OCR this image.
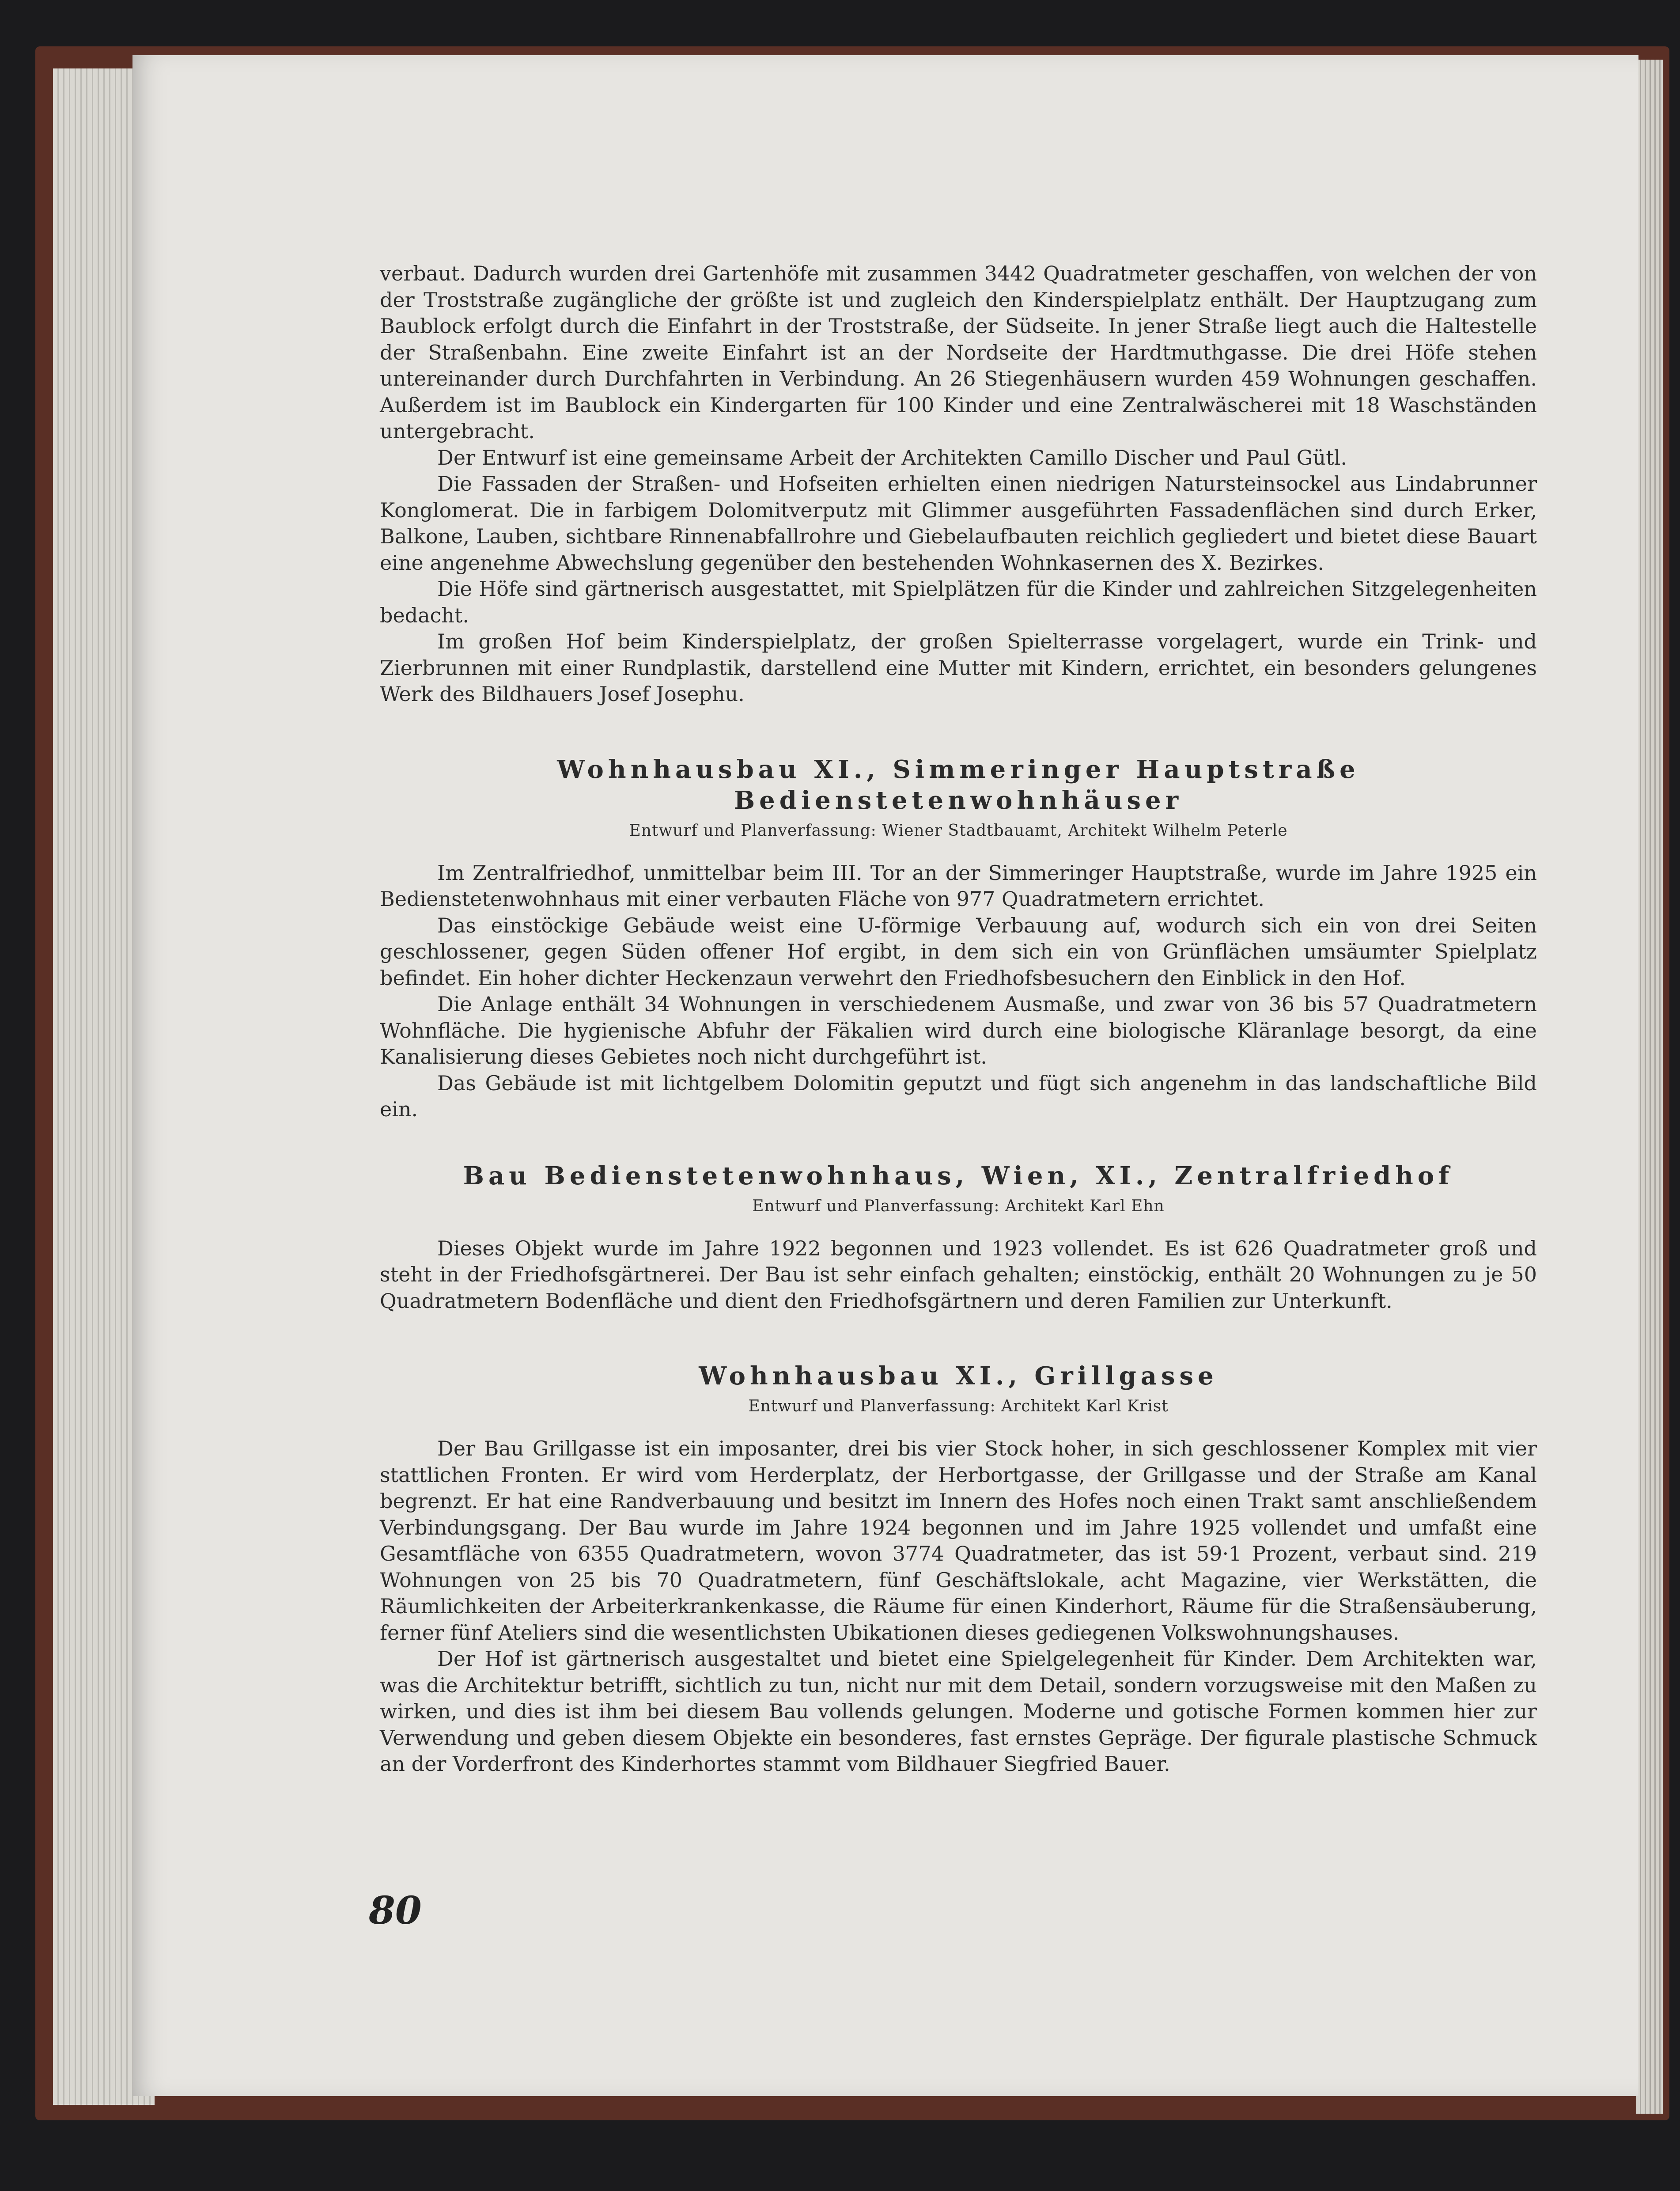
verbaut. Dadurch wurden drei Gartenhöfe mit zusammen 3442 Quadratmeter geschaffen, von welchen der von der Troststraße zugängliche der größte ist und zugleich den Kinderspielplatz enthält. Der Hauptzugang zum Baublock erfolgt durch die Einfahrt in der Troststraße, der Südseite. In jener Straße liegt auch die Haltestelle der Straßenbahn. Eine zweite Einfahrt ist an der Nordseite der Hardtmuthgasse. Die drei Höfe stehen untereinander durch Durchfahrten in Verbindung. An 26 Stiegenhäusern wurden 459 Wohnungen geschaffen. Außerdem ist im Baublock ein Kindergarten für 100 Kinder und eine Zentralwäscherei mit 18 Waschständen untergebracht.

Der Entwurf ist eine gemeinsame Arbeit der Architekten Camillo Discher und Paul Gütl.

Die Fassaden der Straßen- und Hofseiten erhielten einen niedrigen Natursteinsockel aus Lindabrunner Konglomerat. Die in farbigem Dolomitverputz mit Glimmer ausgeführten Fassadenflächen sind durch Erker, Balkone, Lauben, sichtbare Rinnenabfallrohre und Giebelaufbauten reichlich gegliedert und bietet diese Bauart eine angenehme Abwechslung gegenüber den bestehenden Wohnkasernen des X. Bezirkes.

Die Höfe sind gärtnerisch ausgestattet, mit Spielplätzen für die Kinder und zahlreichen Sitzgelegenheiten bedacht.

Im großen Hof beim Kinderspielplatz, der großen Spielterrasse vorgelagert, wurde ein Trink- und Zierbrunnen mit einer Rundplastik, darstellend eine Mutter mit Kindern, errichtet, ein besonders gelungenes Werk des Bildhauers Josef Josephu.

Wohnhausbau XI., Simmeringer Hauptstraße
Bedienstetenwohnhäuser
Entwurf und Planverfassung: Wiener Stadtbauamt, Architekt Wilhelm Peterle

Im Zentralfriedhof, unmittelbar beim III. Tor an der Simmeringer Hauptstraße, wurde im Jahre 1925 ein Bedienstetenwohnhaus mit einer verbauten Fläche von 977 Quadratmetern errichtet.

Das einstöckige Gebäude weist eine U-förmige Verbauung auf, wodurch sich ein von drei Seiten geschlossener, gegen Süden offener Hof ergibt, in dem sich ein von Grünflächen umsäumter Spielplatz befindet. Ein hoher dichter Heckenzaun verwehrt den Friedhofsbesuchern den Einblick in den Hof.

Die Anlage enthält 34 Wohnungen in verschiedenem Ausmaße, und zwar von 36 bis 57 Quadratmetern Wohnfläche. Die hygienische Abfuhr der Fäkalien wird durch eine biologische Kläranlage besorgt, da eine Kanalisierung dieses Gebietes noch nicht durchgeführt ist.

Das Gebäude ist mit lichtgelbem Dolomitin geputzt und fügt sich angenehm in das landschaftliche Bild ein.

Bau Bedienstetenwohnhaus, Wien, XI., Zentralfriedhof
Entwurf und Planverfassung: Architekt Karl Ehn

Dieses Objekt wurde im Jahre 1922 begonnen und 1923 vollendet. Es ist 626 Quadratmeter groß und steht in der Friedhofsgärtnerei. Der Bau ist sehr einfach gehalten; einstöckig, enthält 20 Wohnungen zu je 50 Quadratmetern Bodenfläche und dient den Friedhofsgärtnern und deren Familien zur Unterkunft.

Wohnhausbau XI., Grillgasse
Entwurf und Planverfassung: Architekt Karl Krist

Der Bau Grillgasse ist ein imposanter, drei bis vier Stock hoher, in sich geschlossener Komplex mit vier stattlichen Fronten. Er wird vom Herderplatz, der Herbortgasse, der Grillgasse und der Straße am Kanal begrenzt. Er hat eine Randverbauung und besitzt im Innern des Hofes noch einen Trakt samt anschließendem Verbindungsgang. Der Bau wurde im Jahre 1924 begonnen und im Jahre 1925 vollendet und umfaßt eine Gesamtfläche von 6355 Quadratmetern, wovon 3774 Quadratmeter, das ist 59·1 Prozent, verbaut sind. 219 Wohnungen von 25 bis 70 Quadratmetern, fünf Geschäftslokale, acht Magazine, vier Werkstätten, die Räumlichkeiten der Arbeiterkrankenkasse, die Räume für einen Kinderhort, Räume für die Straßensäuberung, ferner fünf Ateliers sind die wesentlichsten Ubikationen dieses gediegenen Volkswohnungshauses.

Der Hof ist gärtnerisch ausgestaltet und bietet eine Spielgelegenheit für Kinder. Dem Architekten war, was die Architektur betrifft, sichtlich zu tun, nicht nur mit dem Detail, sondern vorzugsweise mit den Maßen zu wirken, und dies ist ihm bei diesem Bau vollends gelungen. Moderne und gotische Formen kommen hier zur Verwendung und geben diesem Objekte ein besonderes, fast ernstes Gepräge. Der figurale plastische Schmuck an der Vorderfront des Kinderhortes stammt vom Bildhauer Siegfried Bauer.

80
